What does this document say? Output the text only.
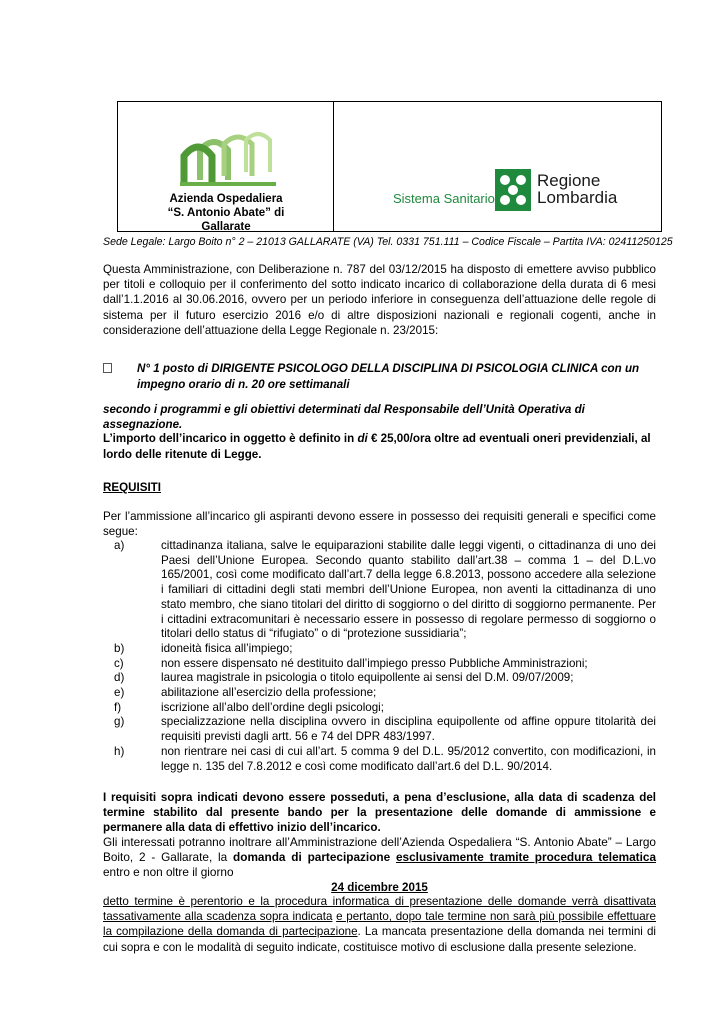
Azienda Ospedaliera
“S. Antonio Abate” di
Gallarate
Sistema Sanitario
Regione
Lombardia
Sede Legale: Largo Boito n° 2 – 21013 GALLARATE (VA) Tel. 0331 751.111 – Codice Fiscale – Partita IVA: 02411250125
Questa Amministrazione, con Deliberazione n. 787 del 03/12/2015 ha disposto di emettere avviso pubblico per titoli e colloquio per il conferimento del sotto indicato incarico di collaborazione della durata di 6 mesi dall’1.1.2016 al 30.06.2016, ovvero per un periodo inferiore in conseguenza dell’attuazione delle regole di sistema per il futuro esercizio 2016 e/o di altre disposizioni nazionali e regionali cogenti, anche in considerazione dell’attuazione della Legge Regionale n. 23/2015:
N° 1 posto di DIRIGENTE PSICOLOGO DELLA DISCIPLINA DI PSICOLOGIA CLINICA con un impegno orario di n. 20 ore settimanali
secondo i programmi e gli obiettivi determinati dal Responsabile dell’Unità Operativa di assegnazione.
L’importo dell’incarico in oggetto è definito in di € 25,00/ora oltre ad eventuali oneri previdenziali, al lordo delle ritenute di Legge.
REQUISITI
Per l’ammissione all’incarico gli aspiranti devono essere in possesso dei requisiti generali e specifici come segue:
a)	cittadinanza italiana, salve le equiparazioni stabilite dalle leggi vigenti, o cittadinanza di uno dei Paesi dell’Unione Europea. Secondo quanto stabilito dall’art.38 – comma 1 – del D.L.vo 165/2001, così come modificato dall’art.7 della legge 6.8.2013, possono accedere alla selezione i familiari di cittadini degli stati membri dell’Unione Europea, non aventi la cittadinanza di uno stato membro, che siano titolari del diritto di soggiorno o del diritto di soggiorno permanente. Per i cittadini extracomunitari è necessario essere in possesso di regolare permesso di soggiorno o titolari dello status di “rifugiato” o di “protezione sussidiaria”;
b)	idoneità fisica all’impiego;
c)	non essere dispensato né destituito dall’impiego presso Pubbliche Amministrazioni;
d)	laurea magistrale in psicologia o titolo equipollente ai sensi del D.M. 09/07/2009;
e)	abilitazione all’esercizio della professione;
f)	iscrizione all’albo dell’ordine degli psicologi;
g)	specializzazione nella disciplina ovvero in disciplina equipollente od affine oppure titolarità dei requisiti previsti dagli artt. 56 e 74 del DPR 483/1997.
h)	non rientrare nei casi di cui all’art. 5 comma 9 del D.L. 95/2012 convertito, con modificazioni, in legge n. 135 del 7.8.2012 e così come modificato dall’art.6 del D.L. 90/2014.
I requisiti sopra indicati devono essere posseduti, a pena d’esclusione, alla data di scadenza del termine stabilito dal presente bando per la presentazione delle domande di ammissione e permanere alla data di effettivo inizio dell’incarico.
Gli interessati potranno inoltrare all’Amministrazione dell’Azienda Ospedaliera “S. Antonio Abate” – Largo Boito, 2 - Gallarate, la domanda di partecipazione esclusivamente tramite procedura telematica entro e non oltre il giorno
24 dicembre 2015
detto termine è perentorio e la procedura informatica di presentazione delle domande verrà disattivata tassativamente alla scadenza sopra indicata e pertanto, dopo tale termine non sarà più possibile effettuare la compilazione della domanda di partecipazione. La mancata presentazione della domanda nei termini di cui sopra e con le modalità di seguito indicate, costituisce motivo di esclusione dalla presente selezione.
